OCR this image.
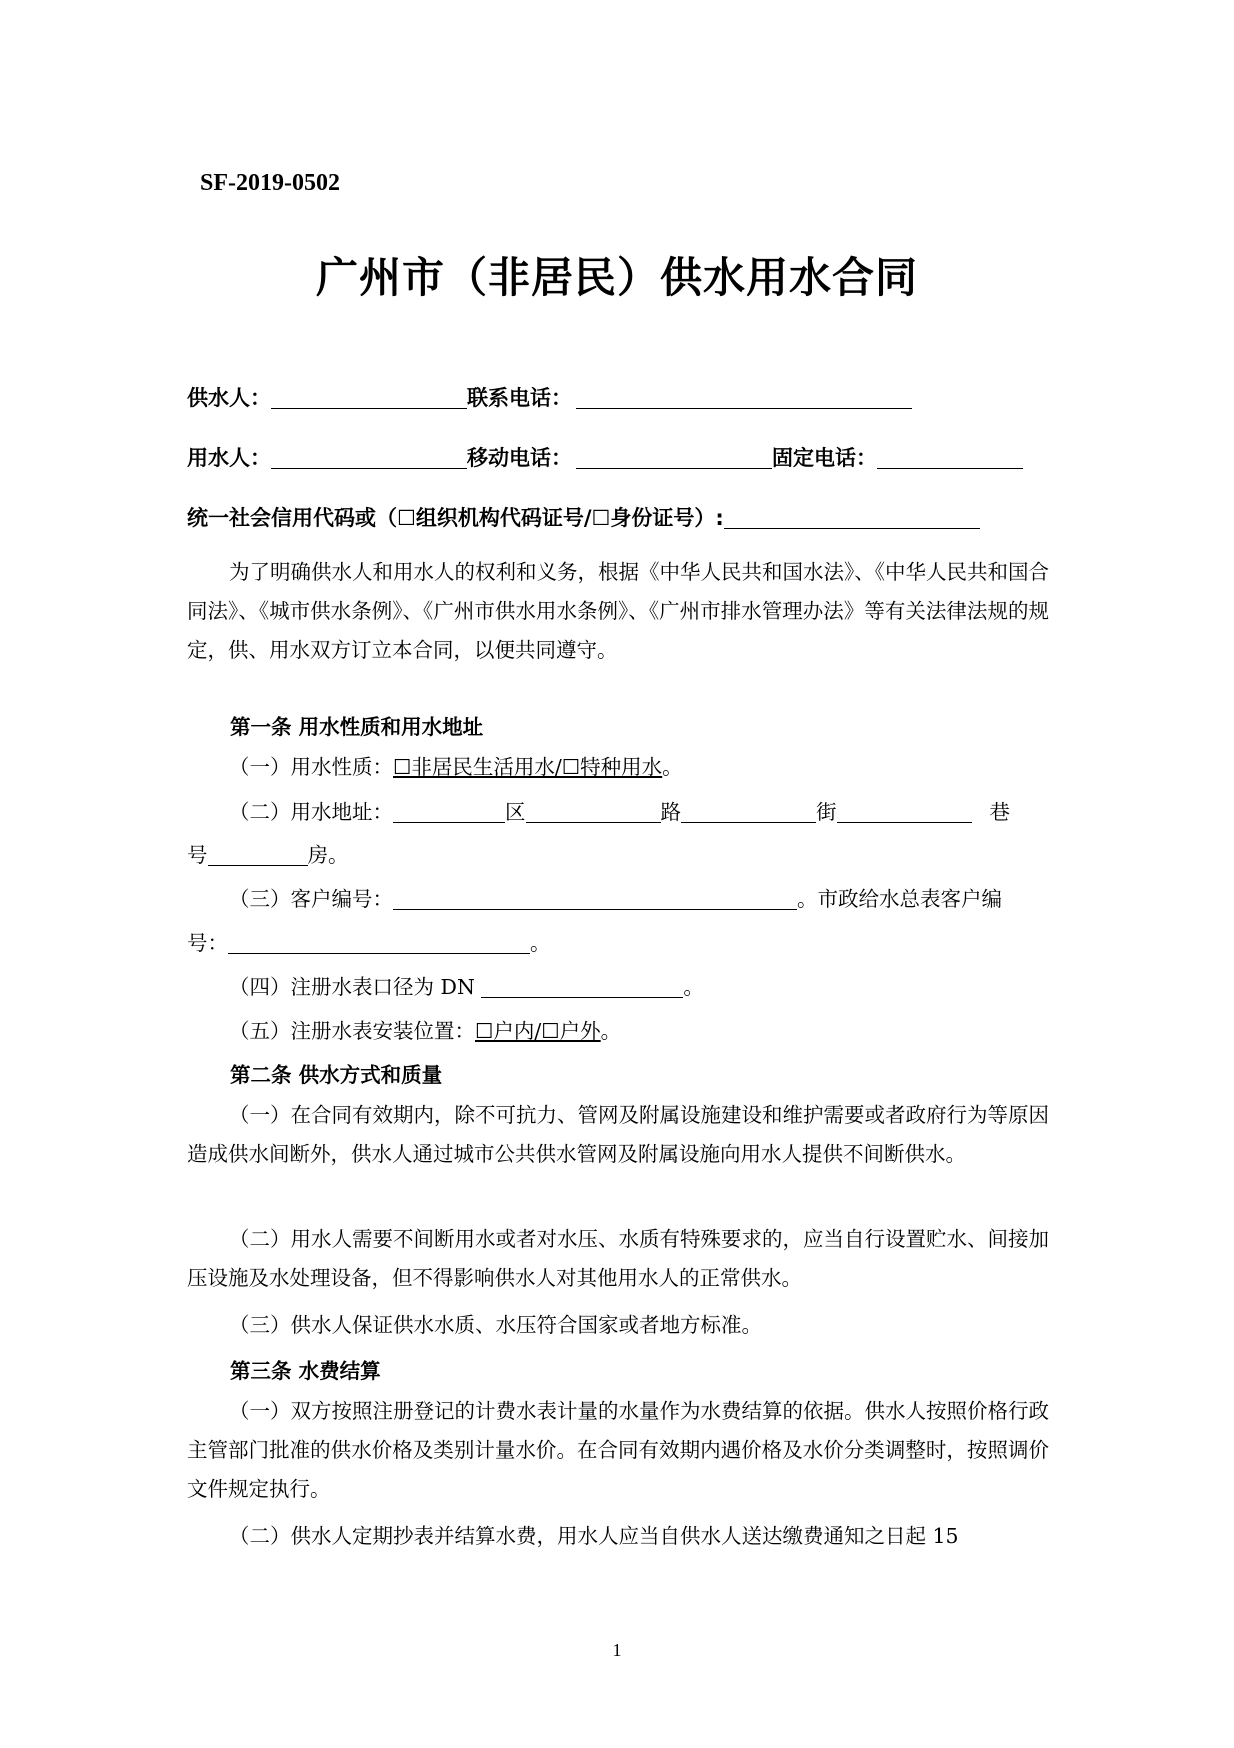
SF-2019-0502
广州市（非居民）供水用水合同
供水人：	联系电话：
用水人：	移动电话：	固定电话：
统一社会信用代码或（☐组织机构代码证号/☐身份证号）:
为了明确供水人和用水人的权利和义务，根据《中华人民共和国水法》、《中华人民共和国合同法》、《城市供水条例》、《广州市供水用水条例》、《广州市排水管理办法》等有关法律法规的规定，供、用水双方订立本合同，以便共同遵守。
第一条 用水性质和用水地址
（一）用水性质：☐非居民生活用水/☐特种用水。
（二）用水地址：	区	路	街	巷
号	房。
（三）客户编号：	。市政给水总表客户编
号：	。
（四）注册水表口径为 DN	。
（五）注册水表安装位置：☐户内/☐户外。
第二条 供水方式和质量
（一）在合同有效期内，除不可抗力、管网及附属设施建设和维护需要或者政府行为等原因造成供水间断外，供水人通过城市公共供水管网及附属设施向用水人提供不间断供水。
（二）用水人需要不间断用水或者对水压、水质有特殊要求的，应当自行设置贮水、间接加压设施及水处理设备，但不得影响供水人对其他用水人的正常供水。
（三）供水人保证供水水质、水压符合国家或者地方标准。
第三条 水费结算
（一）双方按照注册登记的计费水表计量的水量作为水费结算的依据。供水人按照价格行政主管部门批准的供水价格及类别计量水价。在合同有效期内遇价格及水价分类调整时，按照调价文件规定执行。
（二）供水人定期抄表并结算水费，用水人应当自供水人送达缴费通知之日起 15
1
